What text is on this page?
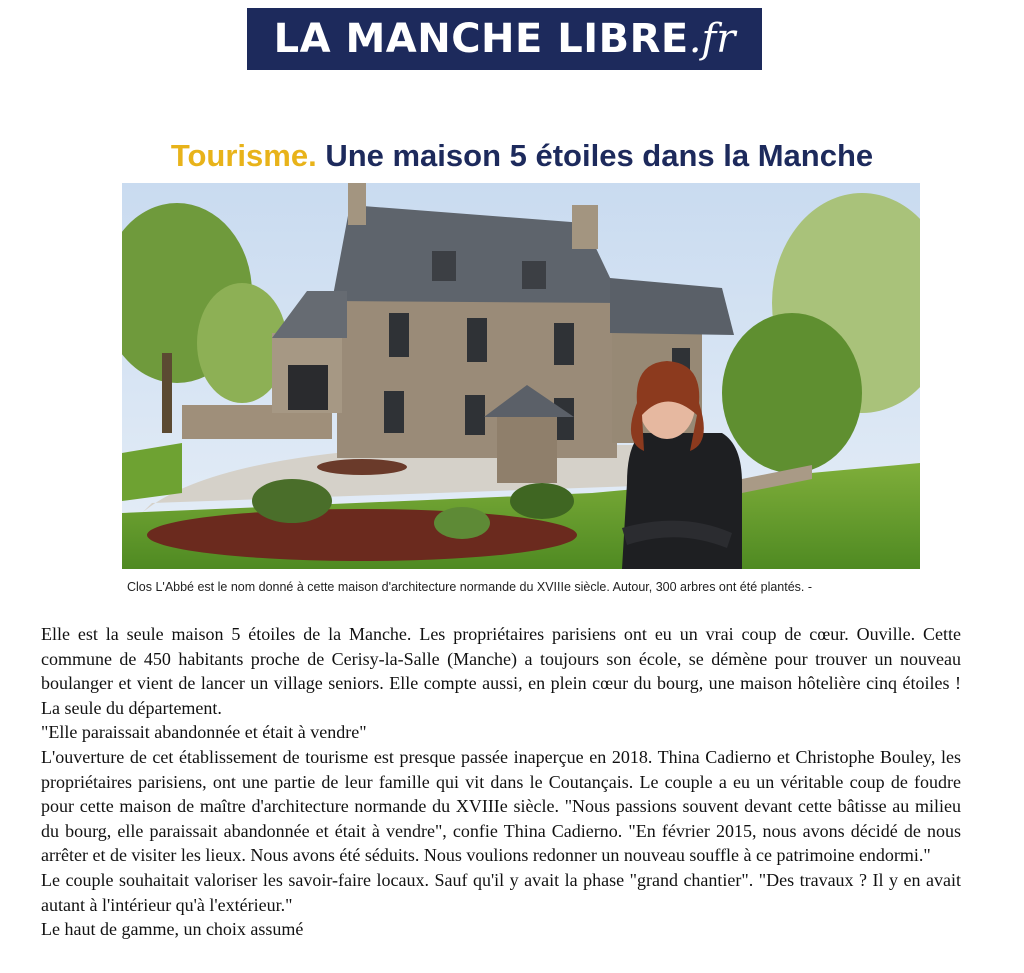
LA MANCHE LIBRE .fr
Tourisme. Une maison 5 étoiles dans la Manche
Clos L'Abbé est le nom donné à cette maison d'architecture normande du XVIIIe siècle. Autour, 300 arbres ont été plantés. -

Elle est la seule maison 5 étoiles de la Manche. Les propriétaires parisiens ont eu un vrai coup de cœur. Ouville. Cette commune de 450 habitants proche de Cerisy-la-Salle (Manche) a toujours son école, se démène pour trouver un nouveau boulanger et vient de lancer un village seniors. Elle compte aussi, en plein cœur du bourg, une maison hôtelière cinq étoiles ! La seule du département.

"Elle paraissait abandonnée et était à vendre"

L'ouverture de cet établissement de tourisme est presque passée inaperçue en 2018. Thina Cadierno et Christophe Bouley, les propriétaires parisiens, ont une partie de leur famille qui vit dans le Coutançais. Le couple a eu un véritable coup de foudre pour cette maison de maître d'architecture normande du XVIIIe siècle. "Nous passions souvent devant cette bâtisse au milieu du bourg, elle paraissait abandonnée et était à vendre", confie Thina Cadierno. "En février 2015, nous avons décidé de nous arrêter et de visiter les lieux. Nous avons été séduits. Nous voulions redonner un nouveau souffle à ce patrimoine endormi."

Le couple souhaitait valoriser les savoir-faire locaux. Sauf qu'il y avait la phase "grand chantier". "Des travaux ? Il y en avait autant à l'intérieur qu'à l'extérieur."

Le haut de gamme, un choix assumé
